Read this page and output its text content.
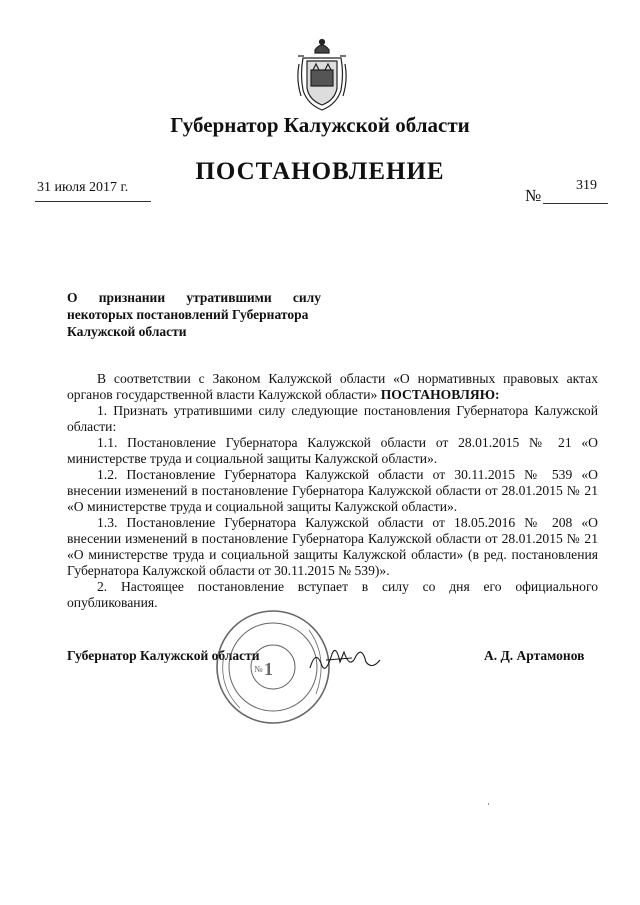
Губернатор Калужской области
ПОСТАНОВЛЕНИЕ
31 июля 2017 г.	№
319
О признании утратившими силу
некоторых постановлений Губернатора
Калужской области

В соответствии с Законом Калужской области «О нормативных правовых актах

органов государственной власти Калужской области» ПОСТАНОВЛЯЮ:

1. Признать утратившими силу следующие постановления Губернатора Калужской области:

1.1. Постановление Губернатора Калужской области от 28.01.2015 № 21 «О министерстве труда и социальной защиты Калужской области».

1.2. Постановление Губернатора Калужской области от 30.11.2015 № 539 «О внесении изменений в постановление Губернатора Калужской области от 28.01.2015 № 21 «О министерстве труда и социальной защиты Калужской области».

1.3. Постановление Губернатора Калужской области от 18.05.2016 № 208 «О внесении изменений в постановление Губернатора Калужской области от 28.01.2015 № 21 «О министерстве труда и социальной защиты Калужской области» (в ред. постановления Губернатора Калужской области от 30.11.2015 № 539)».

2. Настоящее постановление вступает в силу со дня его официального опубликования.

Губернатор Калужской области	А. Д. Артамонов
1
№
